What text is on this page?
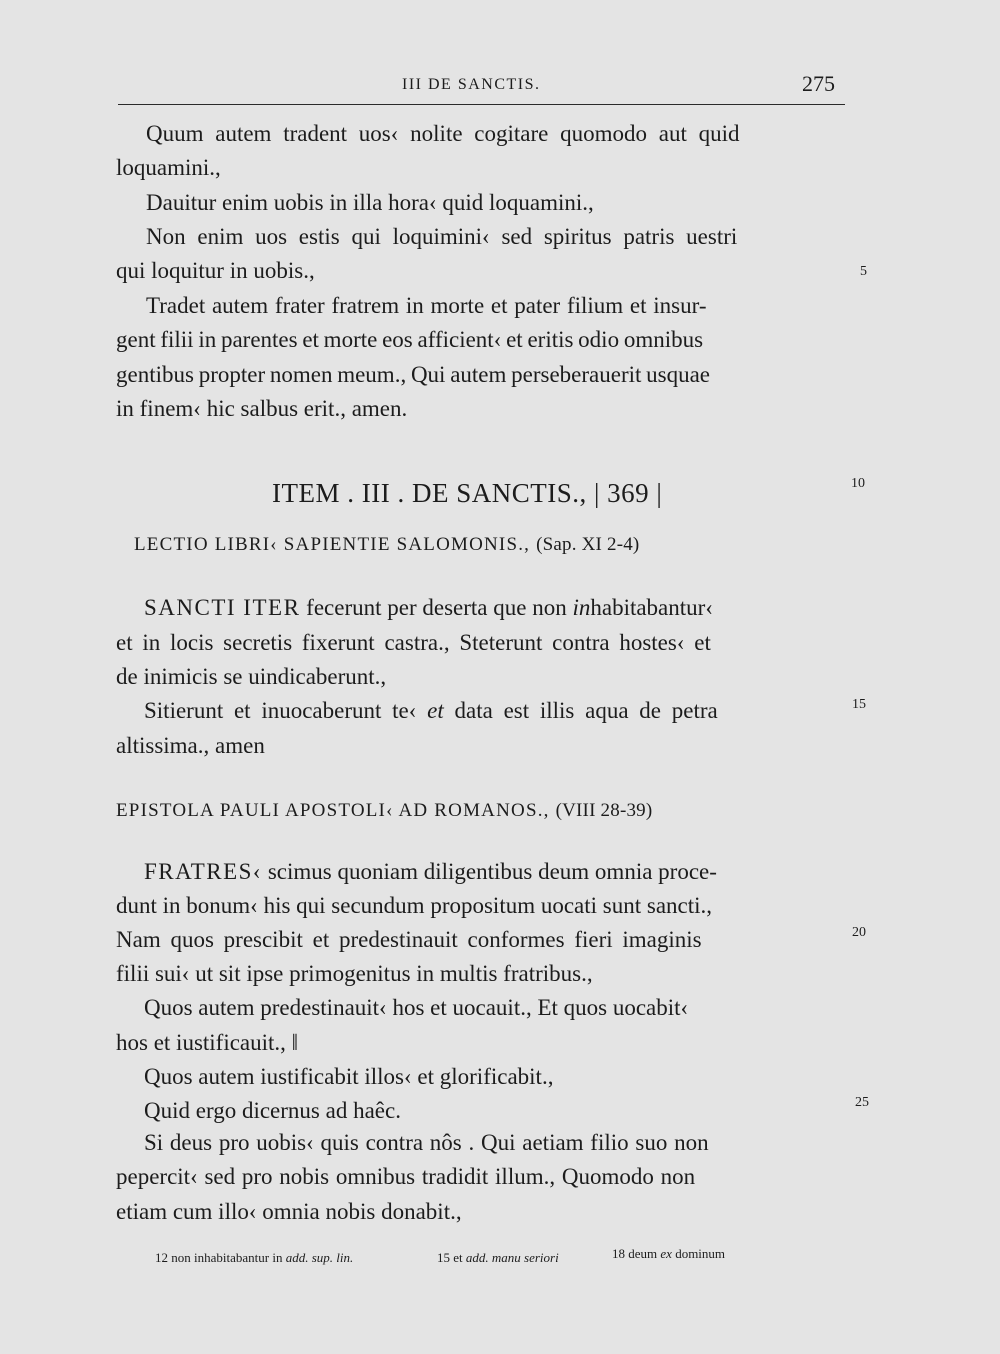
III DE SANCTIS.	275
Quum autem tradent uos‹ nolite cogitare quomodo aut quid
loquamini.,
Dauitur enim uobis in illa hora‹ quid loquamini.,
Non enim uos estis qui loquimini‹ sed spiritus patris uestri
qui loquitur in uobis.,
Tradet autem frater fratrem in morte et pater filium et insur-
gent filii in parentes et morte eos afficient‹ et eritis odio omnibus
gentibus propter nomen meum., Qui autem perseberauerit usquae
in finem‹ hic salbus erit., amen.
ITEM . III . DE SANCTIS., | 369 |
LECTIO LIBRI‹ SAPIENTIE SALOMONIS., (Sap. XI 2-4)
SANCTI ITER fecerunt per deserta que non inhabitabantur‹
et in locis secretis fixerunt castra., Steterunt contra hostes‹ et
de inimicis se uindicaberunt.,
Sitierunt et inuocaberunt te‹ et data est illis aqua de petra
altissima., amen
EPISTOLA PAULI APOSTOLI‹ AD ROMANOS., (VIII 28-39)
FRATRES‹ scimus quoniam diligentibus deum omnia proce-
dunt in bonum‹ his qui secundum propositum uocati sunt sancti.,
Nam quos prescibit et predestinauit conformes fieri imaginis
filii sui‹ ut sit ipse primogenitus in multis fratribus.,
Quos autem predestinauit‹ hos et uocauit., Et quos uocabit‹
hos et iustificauit., ‖
Quos autem iustificabit illos‹ et glorificabit.,
Quid ergo dicernus ad haêc.
Si deus pro uobis‹ quis contra nôs . Qui aetiam filio suo non
pepercit‹ sed pro nobis omnibus tradidit illum., Quomodo non
etiam cum illo‹ omnia nobis donabit.,
5
10
15
20
25
12 non inhabitabantur in add. sup. lin.	15 et add. manu seriori	18 deum ex dominum
